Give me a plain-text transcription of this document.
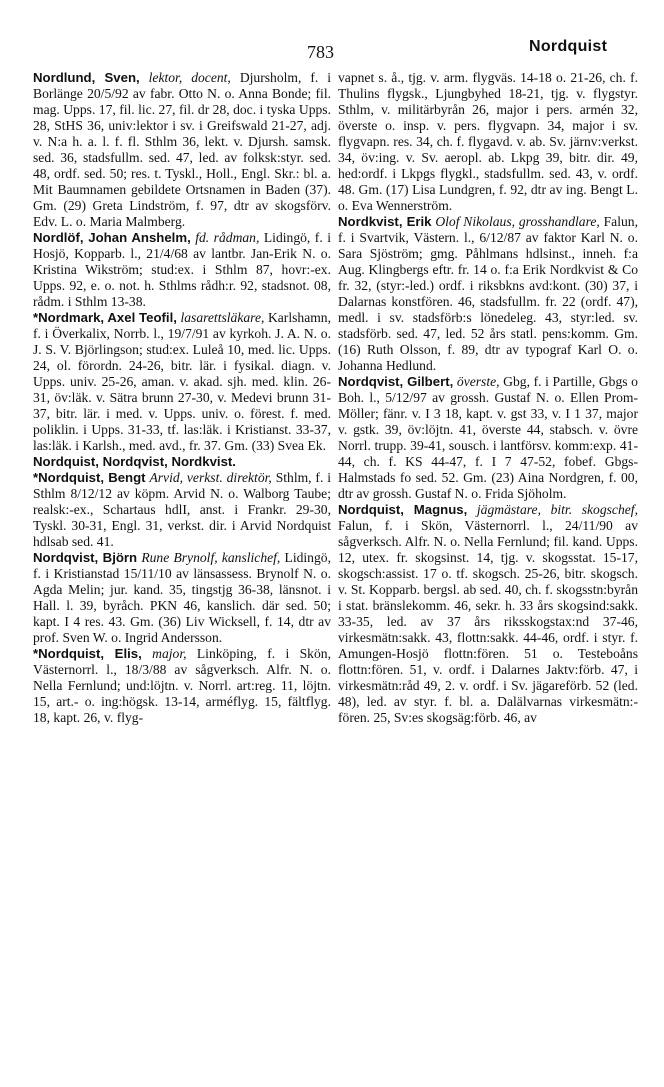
783	Nordquist

Nordlund, Sven, lektor, docent, Djursholm, f. i Borlänge 20/5/92 av fabr. Otto N. o. Anna Bonde; fil. mag. Upps. 17, fil. lic. 27, fil. dr 28, doc. i tyska Upps. 28, StHS 36, univ:lektor i sv. i Greifswald 21-27, adj. v. N:a h. a. l. f. fl. Sthlm 36, lekt. v. Djursh. samsk. sed. 36, stadsfullm. sed. 47, led. av folksk:styr. sed. 48, ordf. sed. 50; res. t. Tyskl., Holl., Engl. Skr.: bl. a. Mit Baumnamen gebildete Ortsnamen in Baden (37). Gm. (29) Greta Lindström, f. 97, dtr av skogsförv. Edv. L. o. Maria Malmberg.

Nordlöf, Johan Anshelm, fd. rådman, Lidingö, f. i Hosjö, Kopparb. l., 21/4/68 av lantbr. Jan-Erik N. o. Kristina Wikström; stud:ex. i Sthlm 87, hovr:-ex. Upps. 92, e. o. not. h. Sthlms rådh:r. 92, stadsnot. 08, rådm. i Sthlm 13-38.

*Nordmark, Axel Teofil, lasarettsläkare, Karlshamn, f. i Överkalix, Norrb. l., 19/7/91 av kyrkoh. J. A. N. o. J. S. V. Björlingson; stud:ex. Luleå 10, med. lic. Upps. 24, ol. förordn. 24-26, bitr. lär. i fysikal. diagn. v. Upps. univ. 25-26, aman. v. akad. sjh. med. klin. 26-31, öv:läk. v. Sätra brunn 27-30, v. Medevi brunn 31-37, bitr. lär. i med. v. Upps. univ. o. förest. f. med. poliklin. i Upps. 31-33, tf. las:läk. i Kristianst. 33-37, las:läk. i Karlsh., med. avd., fr. 37. Gm. (33) Svea Ek.

Nordquist, Nordqvist, Nordkvist.

*Nordquist, Bengt Arvid, verkst. direktör, Sthlm, f. i Sthlm 8/12/12 av köpm. Arvid N. o. Walborg Taube; realsk:-ex., Schartaus hdlI, anst. i Frankr. 29-30, Tyskl. 30-31, Engl. 31, verkst. dir. i Arvid Nordquist hdlsab sed. 41.

Nordqvist, Björn Rune Brynolf, kanslichef, Lidingö, f. i Kristianstad 15/11/10 av länsassess. Brynolf N. o. Agda Melin; jur. kand. 35, tingstjg 36-38, länsnot. i Hall. l. 39, byråch. PKN 46, kanslich. där sed. 50; kapt. I 4 res. 43. Gm. (36) Liv Wicksell, f. 14, dtr av prof. Sven W. o. Ingrid Andersson.

*Nordquist, Elis, major, Linköping, f. i Skön, Västernorrl. l., 18/3/88 av sågverksch. Alfr. N. o. Nella Fernlund; und:löjtn. v. Norrl. art:reg. 11, löjtn. 15, art.- o. ing:högsk. 13-14, arméflyg. 15, fältflyg. 18, kapt. 26, v. flyg-

vapnet s. å., tjg. v. arm. flygväs. 14-18 o. 21-26, ch. f. Thulins flygsk., Ljungbyhed 18-21, tjg. v. flygstyr. Sthlm, v. militärbyrån 26, major i pers. armén 32, överste o. insp. v. pers. flygvapn. 34, major i sv. flygvapn. res. 34, ch. f. flygavd. v. ab. Sv. järnv:verkst. 34, öv:ing. v. Sv. aeropl. ab. Lkpg 39, bitr. dir. 49, hed:ordf. i Lkpgs flygkl., stadsfullm. sed. 43, v. ordf. 48. Gm. (17) Lisa Lundgren, f. 92, dtr av ing. Bengt L. o. Eva Wennerström.

Nordkvist, Erik Olof Nikolaus, grosshandlare, Falun, f. i Svartvik, Västern. l., 6/12/87 av faktor Karl N. o. Sara Sjöström; gmg. Påhlmans hdlsinst., inneh. f:a Aug. Klingbergs eftr. fr. 14 o. f:a Erik Nordkvist & Co fr. 32, (styr:-led.) ordf. i riksbkns avd:kont. (30) 37, i Dalarnas konstfören. 46, stadsfullm. fr. 22 (ordf. 47), medl. i sv. stadsförb:s lönedeleg. 43, styr:led. sv. stadsförb. sed. 47, led. 52 års statl. pens:komm. Gm. (16) Ruth Olsson, f. 89, dtr av typograf Karl O. o. Johanna Hedlund.

Nordqvist, Gilbert, överste, Gbg, f. i Partille, Gbgs o Boh. l., 5/12/97 av grossh. Gustaf N. o. Ellen Prom-Möller; fänr. v. I 3 18, kapt. v. gst 33, v. I 1 37, major v. gstk. 39, öv:löjtn. 41, överste 44, stabsch. v. övre Norrl. trupp. 39-41, sousch. i lantförsv. komm:exp. 41-44, ch. f. KS 44-47, f. I 7 47-52, fobef. Gbgs-Halmstads fo sed. 52. Gm. (23) Aina Nordgren, f. 00, dtr av grossh. Gustaf N. o. Frida Sjöholm.

Nordquist, Magnus, jägmästare, bitr. skogschef, Falun, f. i Skön, Västernorrl. l., 24/11/90 av sågverksch. Alfr. N. o. Nella Fernlund; fil. kand. Upps. 12, utex. fr. skogsinst. 14, tjg. v. skogsstat. 15-17, skogsch:assist. 17 o. tf. skogsch. 25-26, bitr. skogsch. v. St. Kopparb. bergsl. ab sed. 40, ch. f. skogsstn:byrån i stat. bränslekomm. 46, sekr. h. 33 års skogsind:sakk. 33-35, led. av 37 års riksskogstax:nd 37-46, virkesmätn:sakk. 43, flottn:sakk. 44-46, ordf. i styr. f. Amungen-Hosjö flottn:fören. 51 o. Testeboåns flottn:fören. 51, v. ordf. i Dalarnes Jaktv:förb. 47, i virkesmätn:råd 49, 2. v. ordf. i Sv. jägareförb. 52 (led. 48), led. av styr. f. bl. a. Dalälvarnas virkesmätn:-fören. 25, Sv:es skogsäg:förb. 46, av
